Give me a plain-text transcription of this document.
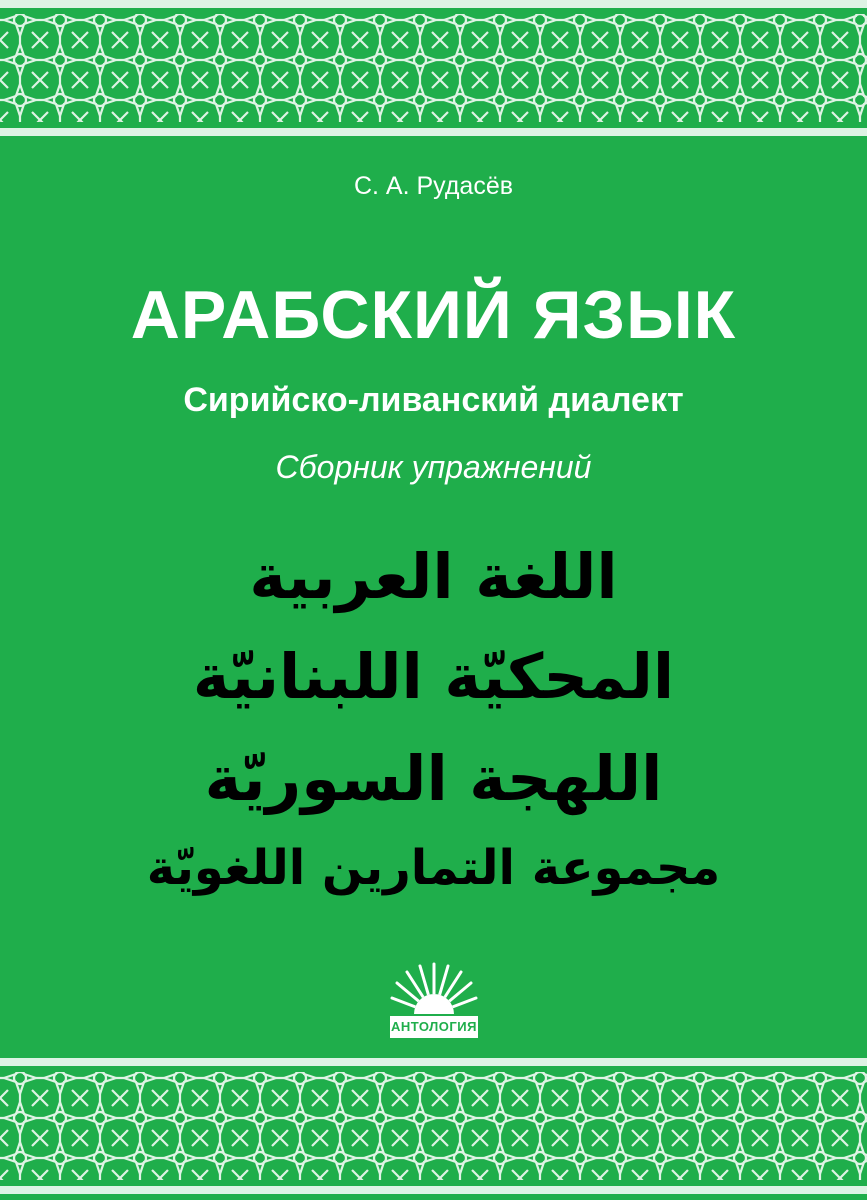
С. А. Рудасёв
АРАБСКИЙ ЯЗЫК
Сирийско-ливанский диалект
Сборник упражнений
اللغة العربية
المحكيّة اللبنانيّة
اللهجة السوريّة
مجموعة التمارين اللغويّة
АНТОЛОГИЯ
